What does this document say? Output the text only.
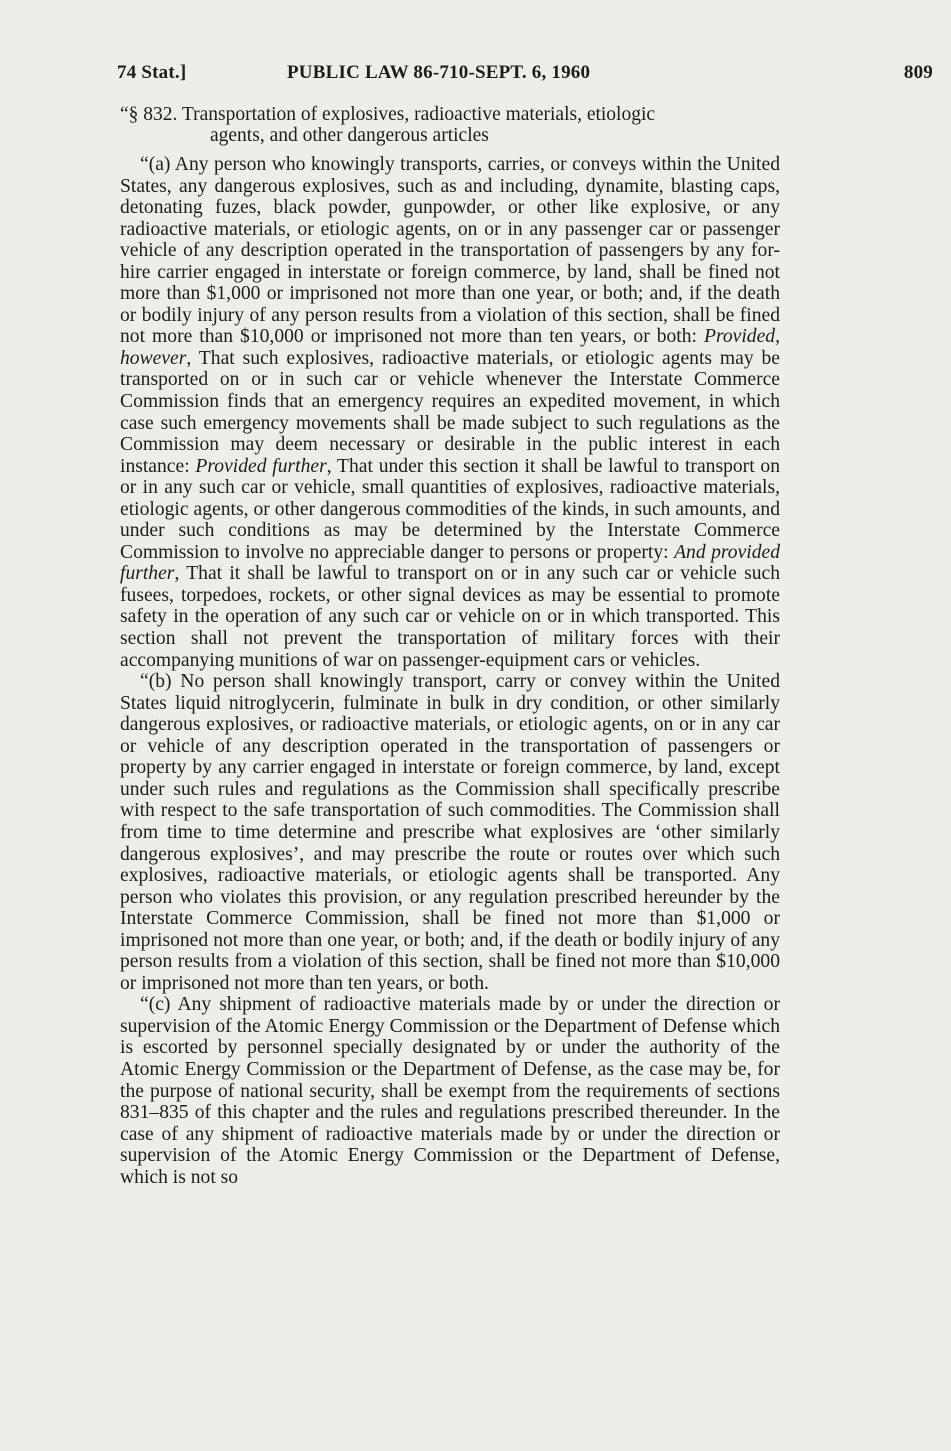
74 Stat.]	PUBLIC LAW 86-710-SEPT. 6, 1960	809
“§ 832. Transportation of explosives, radioactive materials, etiologic
agents, and other dangerous articles

“(a) Any person who knowingly transports, carries, or conveys within the United States, any dangerous explosives, such as and including, dynamite, blasting caps, detonating fuzes, black powder, gunpowder, or other like explosive, or any radioactive materials, or etiologic agents, on or in any passenger car or passenger vehicle of any description operated in the transportation of passengers by any for-hire carrier engaged in interstate or foreign commerce, by land, shall be fined not more than $1,000 or imprisoned not more than one year, or both; and, if the death or bodily injury of any person results from a violation of this section, shall be fined not more than $10,000 or imprisoned not more than ten years, or both: Provided, however, That such explosives, radioactive materials, or etiologic agents may be transported on or in such car or vehicle whenever the Interstate Commerce Commission finds that an emergency requires an expedited movement, in which case such emergency movements shall be made subject to such regulations as the Commission may deem necessary or desirable in the public interest in each instance: Provided further, That under this section it shall be lawful to transport on or in any such car or vehicle, small quantities of explosives, radioactive materials, etiologic agents, or other dangerous commodities of the kinds, in such amounts, and under such conditions as may be determined by the Interstate Commerce Commission to involve no appreciable danger to persons or property: And provided further, That it shall be lawful to transport on or in any such car or vehicle such fusees, torpedoes, rockets, or other signal devices as may be essential to promote safety in the operation of any such car or vehicle on or in which transported. This section shall not prevent the transportation of military forces with their accompanying munitions of war on passenger-equipment cars or vehicles.

“(b) No person shall knowingly transport, carry or convey within the United States liquid nitroglycerin, fulminate in bulk in dry condition, or other similarly dangerous explosives, or radioactive materials, or etiologic agents, on or in any car or vehicle of any description operated in the transportation of passengers or property by any carrier engaged in interstate or foreign commerce, by land, except under such rules and regulations as the Commission shall specifically prescribe with respect to the safe transportation of such commodities. The Commission shall from time to time determine and prescribe what explosives are ‘other similarly dangerous explosives’, and may prescribe the route or routes over which such explosives, radioactive materials, or etiologic agents shall be transported. Any person who violates this provision, or any regulation prescribed hereunder by the Interstate Commerce Commission, shall be fined not more than $1,000 or imprisoned not more than one year, or both; and, if the death or bodily injury of any person results from a violation of this section, shall be fined not more than $10,000 or imprisoned not more than ten years, or both.

“(c) Any shipment of radioactive materials made by or under the direction or supervision of the Atomic Energy Commission or the Department of Defense which is escorted by personnel specially designated by or under the authority of the Atomic Energy Commission or the Department of Defense, as the case may be, for the purpose of national security, shall be exempt from the requirements of sections 831–835 of this chapter and the rules and regulations prescribed thereunder. In the case of any shipment of radioactive materials made by or under the direction or supervision of the Atomic Energy Commission or the Department of Defense, which is not so
